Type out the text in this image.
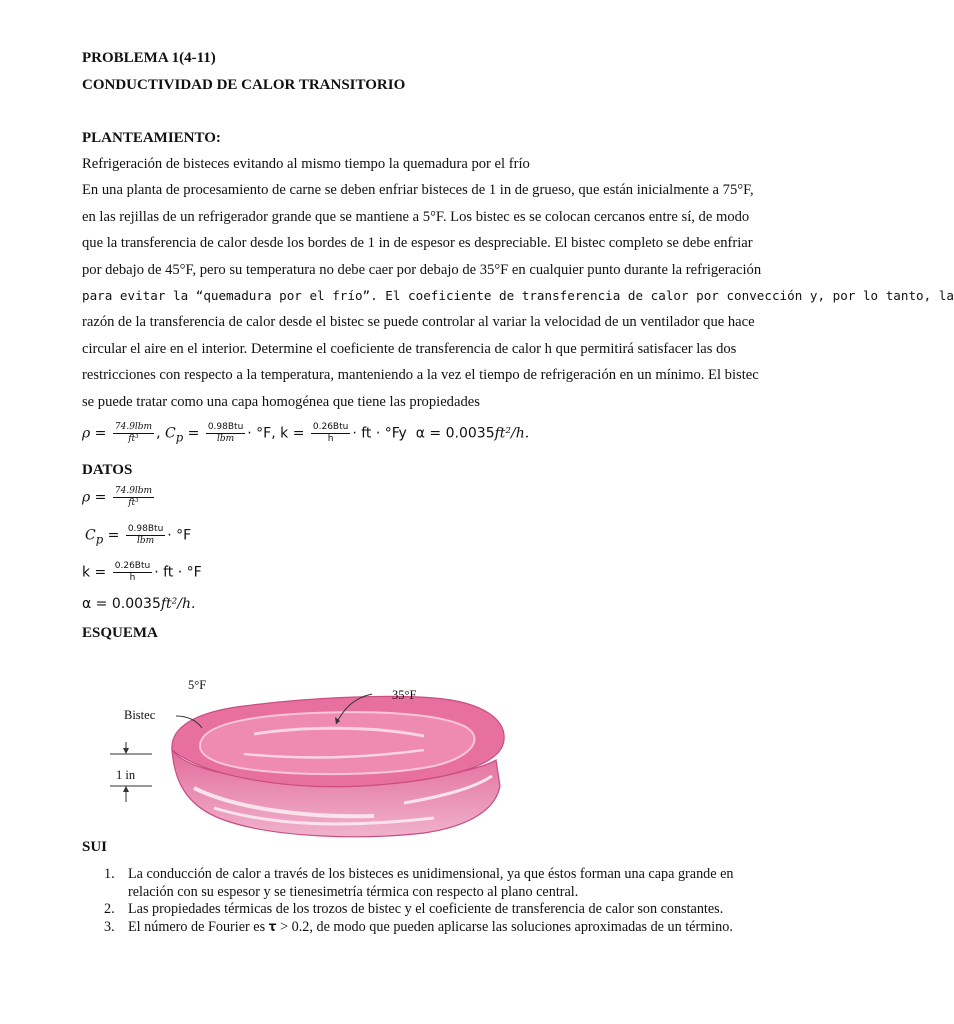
PROBLEMA 1(4-11)
CONDUCTIVIDAD DE CALOR TRANSITORIO
PLANTEAMIENTO:
Refrigeración de bisteces evitando al mismo tiempo la quemadura por el frío
En una planta de procesamiento de carne se deben enfriar bisteces de 1 in de grueso, que están inicialmente a 75°F,
en las rejillas de un refrigerador grande que se mantiene a 5°F. Los bistec es se colocan cercanos entre sí, de modo
que la transferencia de calor desde los bordes de 1 in de espesor es despreciable. El bistec completo se debe enfriar
por debajo de 45°F, pero su temperatura no debe caer por debajo de 35°F en cualquier punto durante la refrigeración
para evitar la “quemadura por el frío”. El coeficiente de transferencia de calor por convección y, por lo tanto, la
razón de la transferencia de calor desde el bistec se puede controlar al variar la velocidad de un ventilador que hace
circular el aire en el interior. Determine el coeficiente de transferencia de calor h que permitirá satisfacer las dos
restricciones con respecto a la temperatura, manteniendo a la vez el tiempo de refrigeración en un mínimo. El bistec
se puede tratar como una capa homogénea que tiene las propiedades
$\rho = \frac{\text{74.9lbm}}{\text{ft³}}$ , $C_p = \frac{\text{0.98Btu}}{\text{lbm}} \cdot ^\circ F$, $k = \frac{\text{0.26Btu}}{h}$ · ft · °Fy α = 0.0035ft²/h.
DATOS
$\rho = \frac{\text{74.9lbm}}{\text{ft³}}$
$C_p = \frac{\text{0.98Btu}}{\text{lbm}} \cdot ^\circ F$
$k = \frac{\text{0.26Btu}}{h}$ · ft · °F
α = 0.0035ft²/h.
ESQUEMA
5°F
35°F
Bistec
1 in
SUI
1. La conducción de calor a través de los bisteces es unidimensional, ya que éstos forman una capa grande en relación con su espesor y se tienesimetría térmica con respecto al plano central.
2. Las propiedades térmicas de los trozos de bistec y el coeficiente de transferencia de calor son constantes.
3. El número de Fourier es 𝛕 > 0.2, de modo que pueden aplicarse las soluciones aproximadas de un término.
